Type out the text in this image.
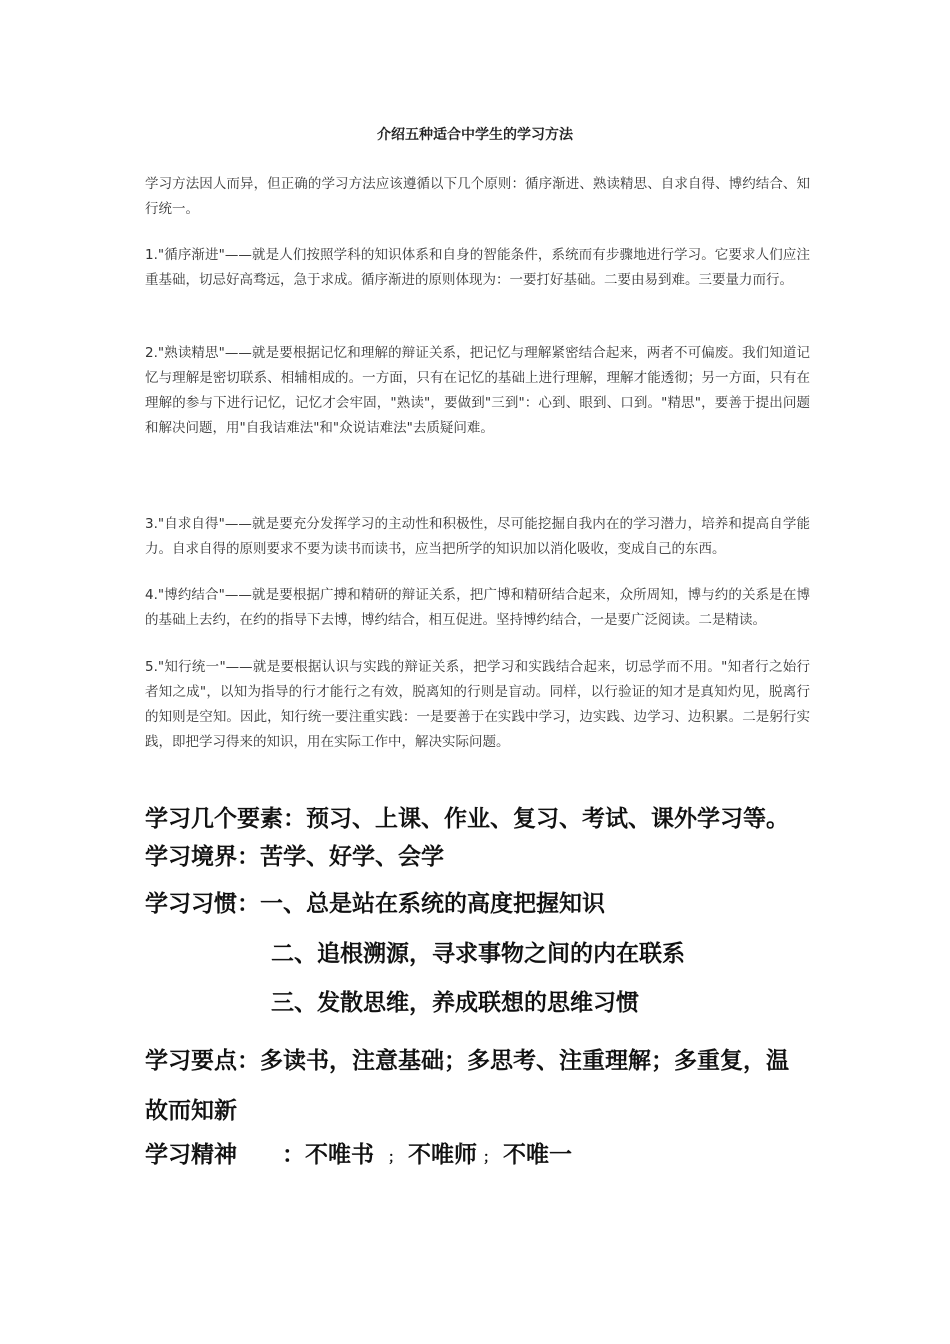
介绍五种适合中学生的学习方法
学习方法因人而异，但正确的学习方法应该遵循以下几个原则：循序渐进、熟读精思、自求自得、博约结合、知行统一。
1."循序渐进"——就是人们按照学科的知识体系和自身的智能条件，系统而有步骤地进行学习。它要求人们应注重基础，切忌好高骛远，急于求成。循序渐进的原则体现为：一要打好基础。二要由易到难。三要量力而行。
2."熟读精思"——就是要根据记忆和理解的辩证关系，把记忆与理解紧密结合起来，两者不可偏废。我们知道记忆与理解是密切联系、相辅相成的。一方面，只有在记忆的基础上进行理解，理解才能透彻；另一方面，只有在理解的参与下进行记忆，记忆才会牢固，"熟读"，要做到"三到"：心到、眼到、口到。"精思"，要善于提出问题和解决问题，用"自我诘难法"和"众说诘难法"去质疑问难。
3."自求自得"——就是要充分发挥学习的主动性和积极性，尽可能挖掘自我内在的学习潜力，培养和提高自学能力。自求自得的原则要求不要为读书而读书，应当把所学的知识加以消化吸收，变成自己的东西。
4."博约结合"——就是要根据广搏和精研的辩证关系，把广博和精研结合起来，众所周知，博与约的关系是在博的基础上去约，在约的指导下去博，博约结合，相互促进。坚持博约结合，一是要广泛阅读。二是精读。
5."知行统一"——就是要根据认识与实践的辩证关系，把学习和实践结合起来，切忌学而不用。"知者行之始行者知之成"，以知为指导的行才能行之有效，脱离知的行则是盲动。同样，以行验证的知才是真知灼见，脱离行的知则是空知。因此，知行统一要注重实践：一是要善于在实践中学习，边实践、边学习、边积累。二是躬行实践，即把学习得来的知识，用在实际工作中，解决实际问题。
学习几个要素：预习、上课、作业、复习、考试、课外学习等。
学习境界：苦学、好学、会学
学习习惯：一、总是站在系统的高度把握知识
二、追根溯源，寻求事物之间的内在联系
三、发散思维，养成联想的思维习惯
学习要点：多读书，注意基础；多思考、注重理解；多重复，温故而知新
学习精神 ：不唯书 ； 不唯师 ； 不唯一
